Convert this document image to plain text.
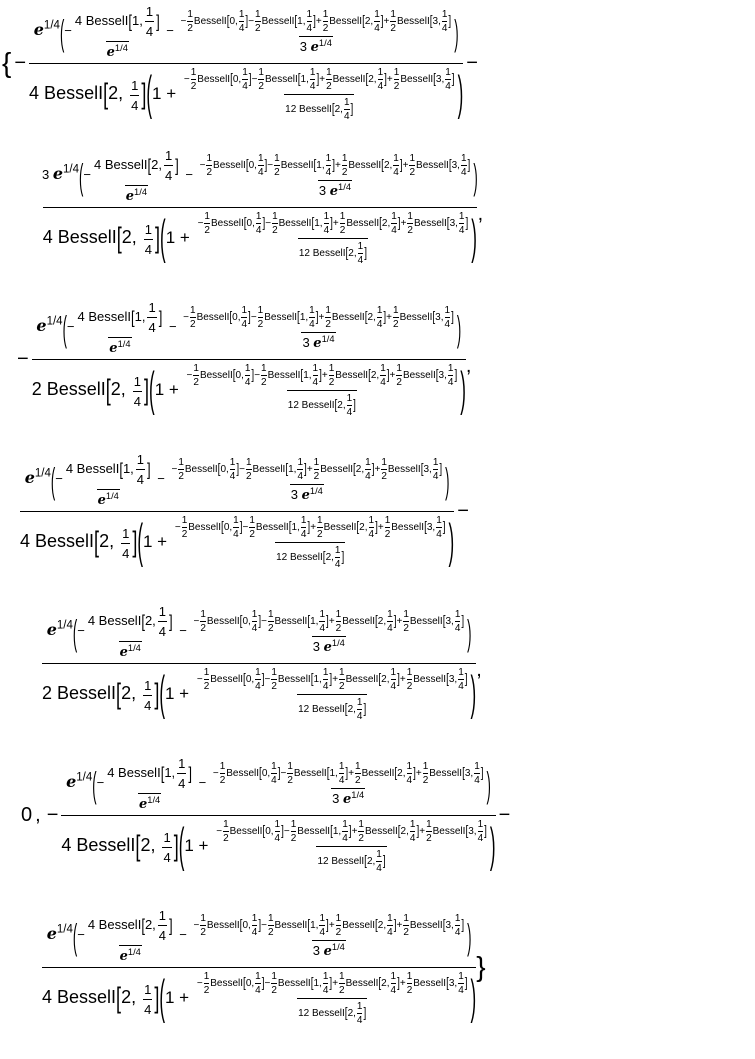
{ −
$e^{1/4}(- \frac{4 BesselI[1, \frac{1}{4} ]}{e^{1/4}}$ −
− $\frac{1}{2}$ BesselI[0, $\frac{1}{4}$ ]− $\frac{1}{2}$ BesselI[1, $\frac{1}{4}$ ]+ $\frac{1}{2}$ BesselI[2, $\frac{1}{4}$ ]+ $\frac{1}{2}$ BesselI[3, $\frac{1}{4}$ ]
3 $e^{1/4}$	)
4 BesselI[2, $\frac{1}{4} ](1$ +
− $\frac{1}{2}$ BesselI[0, $\frac{1}{4}$ ]− $\frac{1}{2}$ BesselI[1, $\frac{1}{4}$ ]+ $\frac{1}{2}$ BesselI[2, $\frac{1}{4}$ ]+ $\frac{1}{2}$ BesselI[3, $\frac{1}{4}$ ]
12 BesselI[2, $\frac{1}{4}$ ]	)
−
3 $e^{1/4}(- \frac{4 BesselI[2, \frac{1}{4} ]}{e^{1/4}}$ −
− $\frac{1}{2}$ BesselI[0, $\frac{1}{4}$ ]− $\frac{1}{2}$ BesselI[1, $\frac{1}{4}$ ]+ $\frac{1}{2}$ BesselI[2, $\frac{1}{4}$ ]+ $\frac{1}{2}$ BesselI[3, $\frac{1}{4}$ ]
3 $e^{1/4}$	)
4 BesselI[2, $\frac{1}{4} ](1$ +
− $\frac{1}{2}$ BesselI[0, $\frac{1}{4}$ ]− $\frac{1}{2}$ BesselI[1, $\frac{1}{4}$ ]+ $\frac{1}{2}$ BesselI[2, $\frac{1}{4}$ ]+ $\frac{1}{2}$ BesselI[3, $\frac{1}{4}$ ]
12 BesselI[2, $\frac{1}{4}$ ]	) ,
−
$e^{1/4}(- \frac{4 BesselI[1, \frac{1}{4} ]}{e^{1/4}}$ −
− $\frac{1}{2}$ BesselI[0, $\frac{1}{4}$ ]− $\frac{1}{2}$ BesselI[1, $\frac{1}{4}$ ]+ $\frac{1}{2}$ BesselI[2, $\frac{1}{4}$ ]+ $\frac{1}{2}$ BesselI[3, $\frac{1}{4}$ ]
3 $e^{1/4}$	)
2 BesselI[2, $\frac{1}{4} ](1$ +
− $\frac{1}{2}$ BesselI[0, $\frac{1}{4}$ ]− $\frac{1}{2}$ BesselI[1, $\frac{1}{4}$ ]+ $\frac{1}{2}$ BesselI[2, $\frac{1}{4}$ ]+ $\frac{1}{2}$ BesselI[3, $\frac{1}{4}$ ]
12 BesselI[2, $\frac{1}{4}$ ]	) ,
$e^{1/4}(- \frac{4 BesselI[1, \frac{1}{4} ]}{e^{1/4}}$ −
− $\frac{1}{2}$ BesselI[0, $\frac{1}{4}$ ]− $\frac{1}{2}$ BesselI[1, $\frac{1}{4}$ ]+ $\frac{1}{2}$ BesselI[2, $\frac{1}{4}$ ]+ $\frac{1}{2}$ BesselI[3, $\frac{1}{4}$ ]
3 $e^{1/4}$	)
4 BesselI[2, $\frac{1}{4} ](1$ +
− $\frac{1}{2}$ BesselI[0, $\frac{1}{4}$ ]− $\frac{1}{2}$ BesselI[1, $\frac{1}{4}$ ]+ $\frac{1}{2}$ BesselI[2, $\frac{1}{4}$ ]+ $\frac{1}{2}$ BesselI[3, $\frac{1}{4}$ ]
12 BesselI[2, $\frac{1}{4}$ ]	)
−
$e^{1/4}(- \frac{4 BesselI[2, \frac{1}{4} ]}{e^{1/4}}$ −
− $\frac{1}{2}$ BesselI[0, $\frac{1}{4}$ ]− $\frac{1}{2}$ BesselI[1, $\frac{1}{4}$ ]+ $\frac{1}{2}$ BesselI[2, $\frac{1}{4}$ ]+ $\frac{1}{2}$ BesselI[3, $\frac{1}{4}$ ]
3 $e^{1/4}$	)
2 BesselI[2, $\frac{1}{4} ](1$ +
− $\frac{1}{2}$ BesselI[0, $\frac{1}{4}$ ]− $\frac{1}{2}$ BesselI[1, $\frac{1}{4}$ ]+ $\frac{1}{2}$ BesselI[2, $\frac{1}{4}$ ]+ $\frac{1}{2}$ BesselI[3, $\frac{1}{4}$ ]
12 BesselI[2, $\frac{1}{4}$ ]	) ,
0 , −
$e^{1/4}(- \frac{4 BesselI[1, \frac{1}{4} ]}{e^{1/4}}$ −
− $\frac{1}{2}$ BesselI[0, $\frac{1}{4}$ ]− $\frac{1}{2}$ BesselI[1, $\frac{1}{4}$ ]+ $\frac{1}{2}$ BesselI[2, $\frac{1}{4}$ ]+ $\frac{1}{2}$ BesselI[3, $\frac{1}{4}$ ]
3 $e^{1/4}$	)
4 BesselI[2, $\frac{1}{4} ](1$ +
− $\frac{1}{2}$ BesselI[0, $\frac{1}{4}$ ]− $\frac{1}{2}$ BesselI[1, $\frac{1}{4}$ ]+ $\frac{1}{2}$ BesselI[2, $\frac{1}{4}$ ]+ $\frac{1}{2}$ BesselI[3, $\frac{1}{4}$ ]
12 BesselI[2, $\frac{1}{4}$ ]	)
−
$e^{1/4}(- \frac{4 BesselI[2, \frac{1}{4} ]}{e^{1/4}}$ −
− $\frac{1}{2}$ BesselI[0, $\frac{1}{4}$ ]− $\frac{1}{2}$ BesselI[1, $\frac{1}{4}$ ]+ $\frac{1}{2}$ BesselI[2, $\frac{1}{4}$ ]+ $\frac{1}{2}$ BesselI[3, $\frac{1}{4}$ ]
3 $e^{1/4}$	)
4 BesselI[2, $\frac{1}{4} ](1$ +
− $\frac{1}{2}$ BesselI[0, $\frac{1}{4}$ ]− $\frac{1}{2}$ BesselI[1, $\frac{1}{4}$ ]+ $\frac{1}{2}$ BesselI[2, $\frac{1}{4}$ ]+ $\frac{1}{2}$ BesselI[3, $\frac{1}{4}$ ]
12 BesselI[2, $\frac{1}{4}$ ]	)
}
